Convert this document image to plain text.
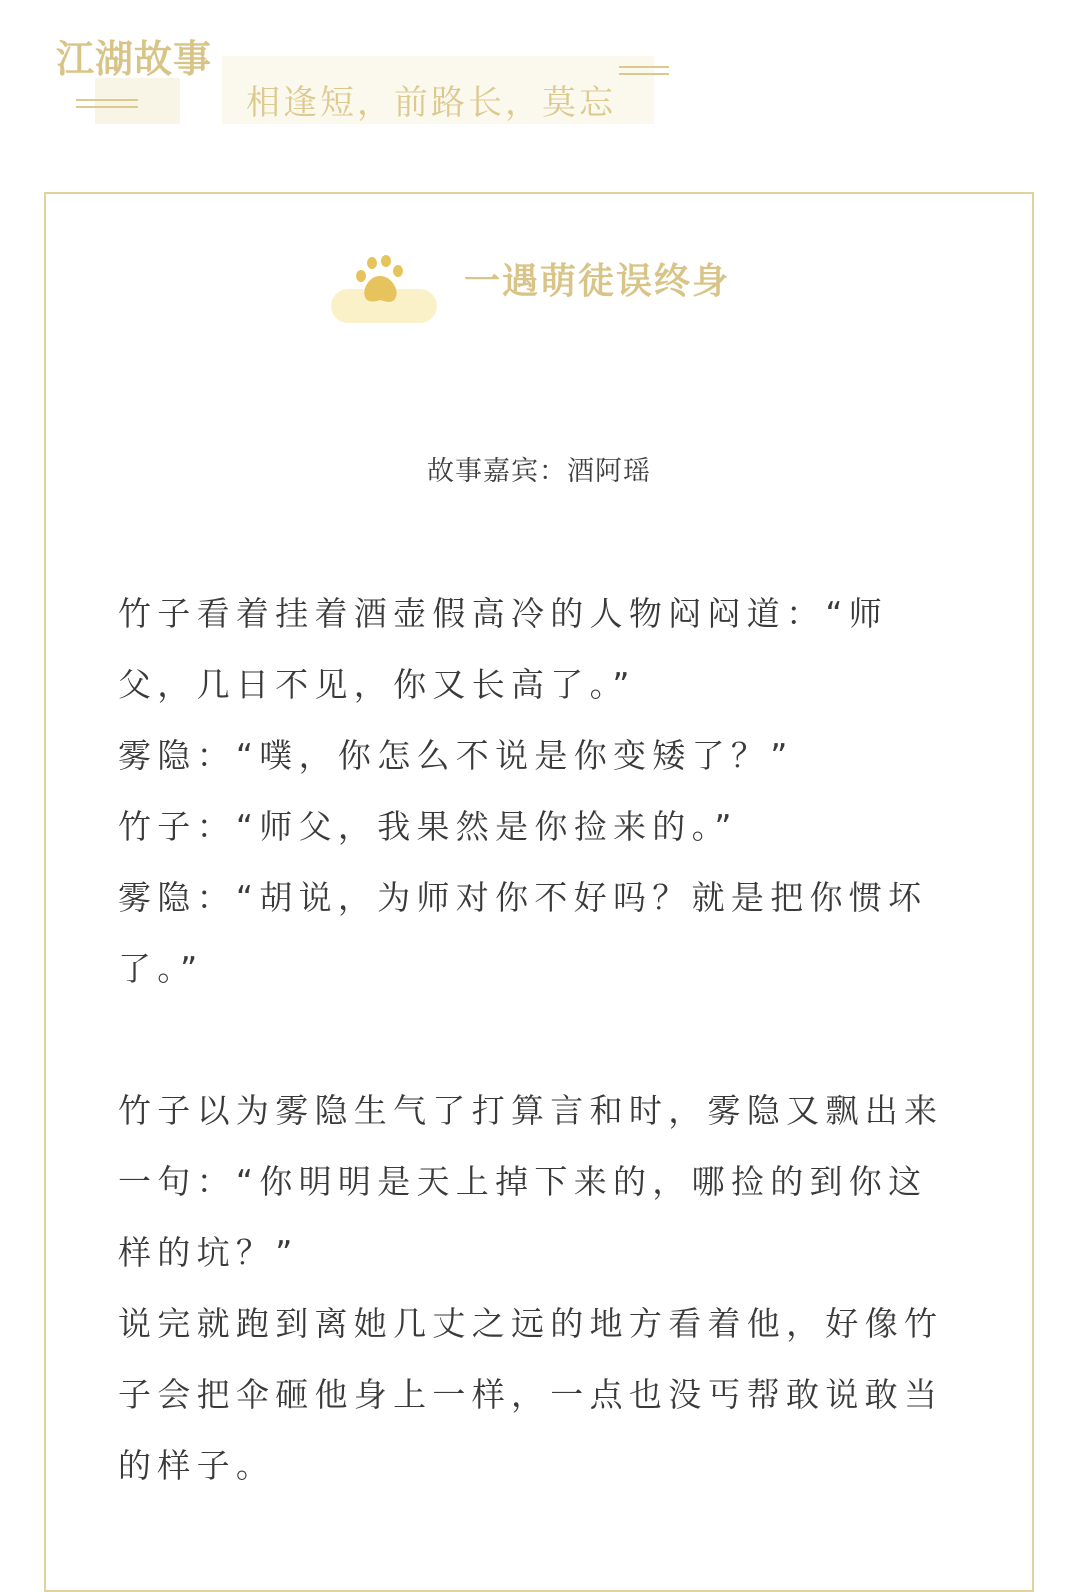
江湖故事
相逢短，前路长，莫忘
一遇萌徒误终身
故事嘉宾：酒阿瑶

竹子看着挂着酒壶假高冷的人物闷闷道：“师父，几日不见，你又长高了。”

雾隐：“噗，你怎么不说是你变矮了？”

竹子：“师父，我果然是你捡来的。”

雾隐：“胡说，为师对你不好吗？就是把你惯坏了。”

竹子以为雾隐生气了打算言和时，雾隐又飘出来一句：“你明明是天上掉下来的，哪捡的到你这样的坑？”

说完就跑到离她几丈之远的地方看着他，好像竹子会把伞砸他身上一样，一点也没丐帮敢说敢当的样子。
